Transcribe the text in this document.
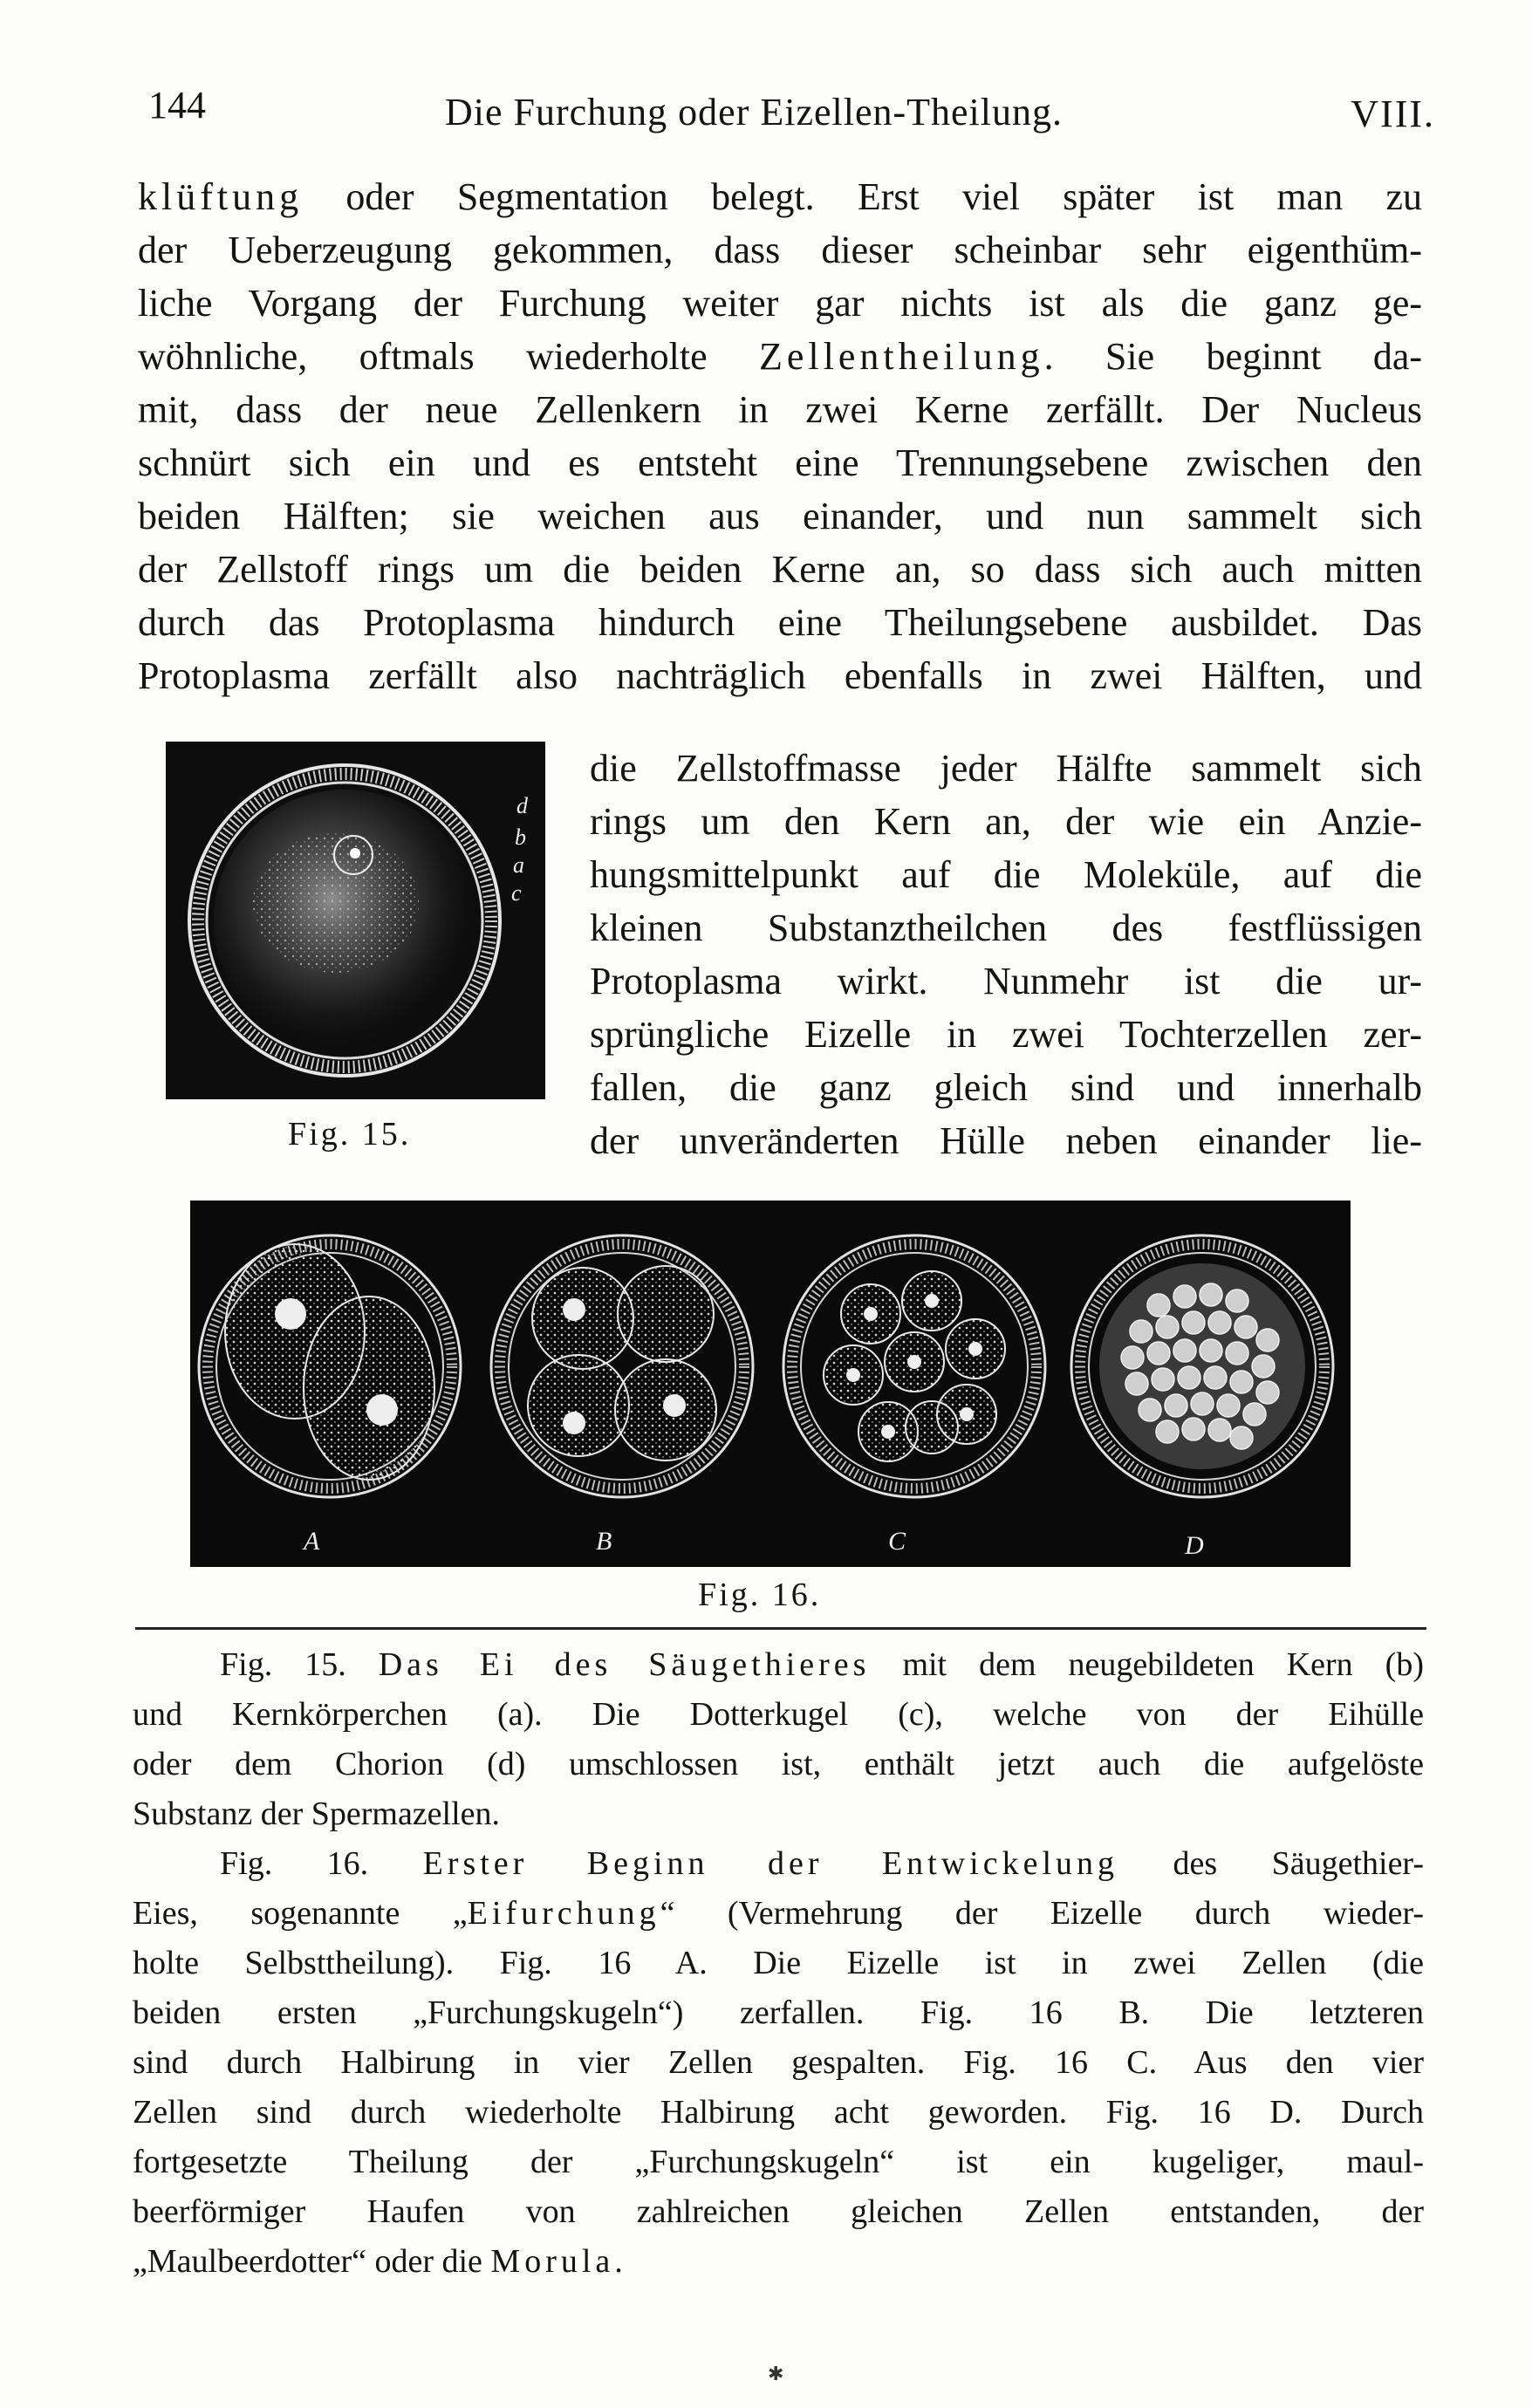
144	Die Furchung oder Eizellen-Theilung.	VIII.
klüftung oder Segmentation belegt. Erst viel später ist man zu
der Ueberzeugung gekommen, dass dieser scheinbar sehr eigenthüm-
liche Vorgang der Furchung weiter gar nichts ist als die ganz ge-
wöhnliche, oftmals wiederholte Zellentheilung. Sie beginnt da-
mit, dass der neue Zellenkern in zwei Kerne zerfällt. Der Nucleus
schnürt sich ein und es entsteht eine Trennungsebene zwischen den
beiden Hälften; sie weichen aus einander, und nun sammelt sich
der Zellstoff rings um die beiden Kerne an, so dass sich auch mitten
durch das Protoplasma hindurch eine Theilungsebene ausbildet. Das
Protoplasma zerfällt also nachträglich ebenfalls in zwei Hälften, und
d
b
a
c
Fig. 15.
die Zellstoffmasse jeder Hälfte sammelt sich
rings um den Kern an, der wie ein Anzie-
hungsmittelpunkt auf die Moleküle, auf die
kleinen Substanztheilchen des festflüssigen
Protoplasma wirkt. Nunmehr ist die ur-
sprüngliche Eizelle in zwei Tochterzellen zer-
fallen, die ganz gleich sind und innerhalb
der unveränderten Hülle neben einander lie-
A	B	C	D
Fig. 16.
Fig. 15. Das Ei des Säugethieres mit dem neugebildeten Kern (b)
und Kernkörperchen (a). Die Dotterkugel (c), welche von der Eihülle
oder dem Chorion (d) umschlossen ist, enthält jetzt auch die aufgelöste
Substanz der Spermazellen.
Fig. 16. Erster Beginn der Entwickelung des Säugethier-
Eies, sogenannte „Eifurchung“ (Vermehrung der Eizelle durch wieder-
holte Selbsttheilung). Fig. 16 A. Die Eizelle ist in zwei Zellen (die
beiden ersten „Furchungskugeln“) zerfallen. Fig. 16 B. Die letzteren
sind durch Halbirung in vier Zellen gespalten. Fig. 16 C. Aus den vier
Zellen sind durch wiederholte Halbirung acht geworden. Fig. 16 D. Durch
fortgesetzte Theilung der „Furchungskugeln“ ist ein kugeliger, maul-
beerförmiger Haufen von zahlreichen gleichen Zellen entstanden, der
„Maulbeerdotter“ oder die Morula.
✱
